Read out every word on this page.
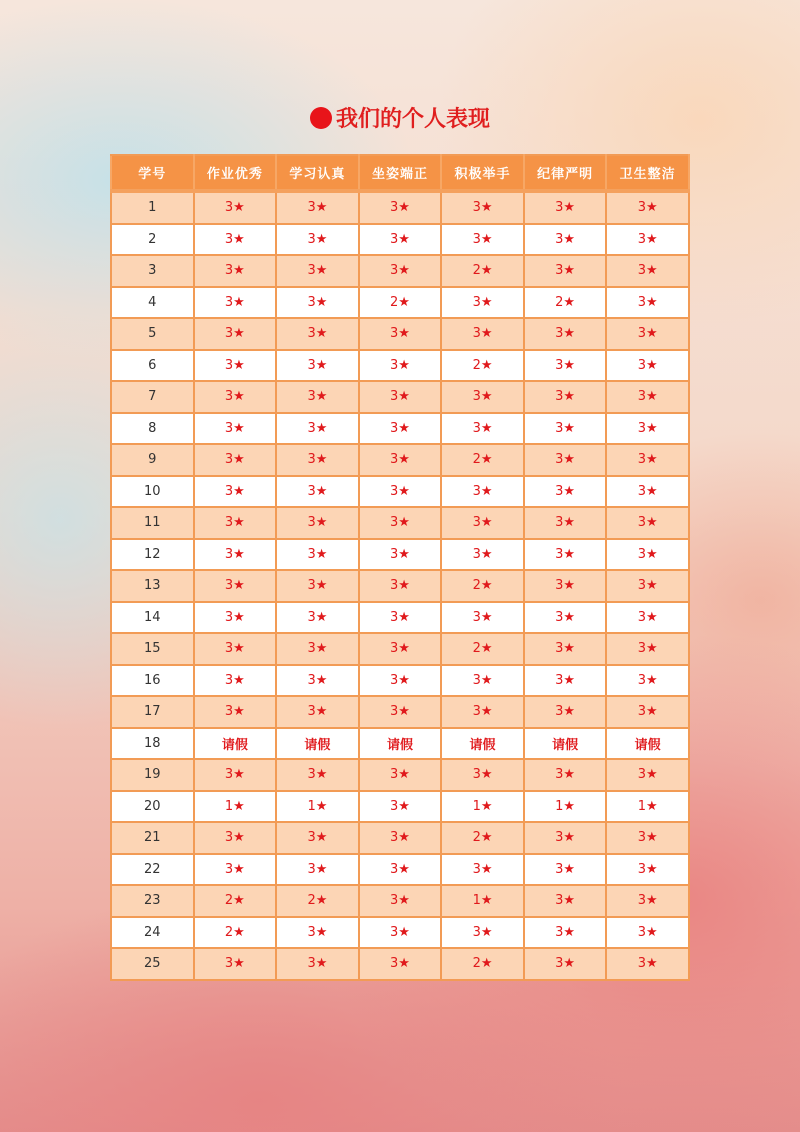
我们的个人表现
学号	作业优秀	学习认真	坐姿端正	积极举手	纪律严明	卫生整洁
1	3★	3★	3★	3★	3★	3★
2	3★	3★	3★	3★	3★	3★
3	3★	3★	3★	2★	3★	3★
4	3★	3★	2★	3★	2★	3★
5	3★	3★	3★	3★	3★	3★
6	3★	3★	3★	2★	3★	3★
7	3★	3★	3★	3★	3★	3★
8	3★	3★	3★	3★	3★	3★
9	3★	3★	3★	2★	3★	3★
10	3★	3★	3★	3★	3★	3★
11	3★	3★	3★	3★	3★	3★
12	3★	3★	3★	3★	3★	3★
13	3★	3★	3★	2★	3★	3★
14	3★	3★	3★	3★	3★	3★
15	3★	3★	3★	2★	3★	3★
16	3★	3★	3★	3★	3★	3★
17	3★	3★	3★	3★	3★	3★
18	请假	请假	请假	请假	请假	请假
19	3★	3★	3★	3★	3★	3★
20	1★	1★	3★	1★	1★	1★
21	3★	3★	3★	2★	3★	3★
22	3★	3★	3★	3★	3★	3★
23	2★	2★	3★	1★	3★	3★
24	2★	3★	3★	3★	3★	3★
25	3★	3★	3★	2★	3★	3★
